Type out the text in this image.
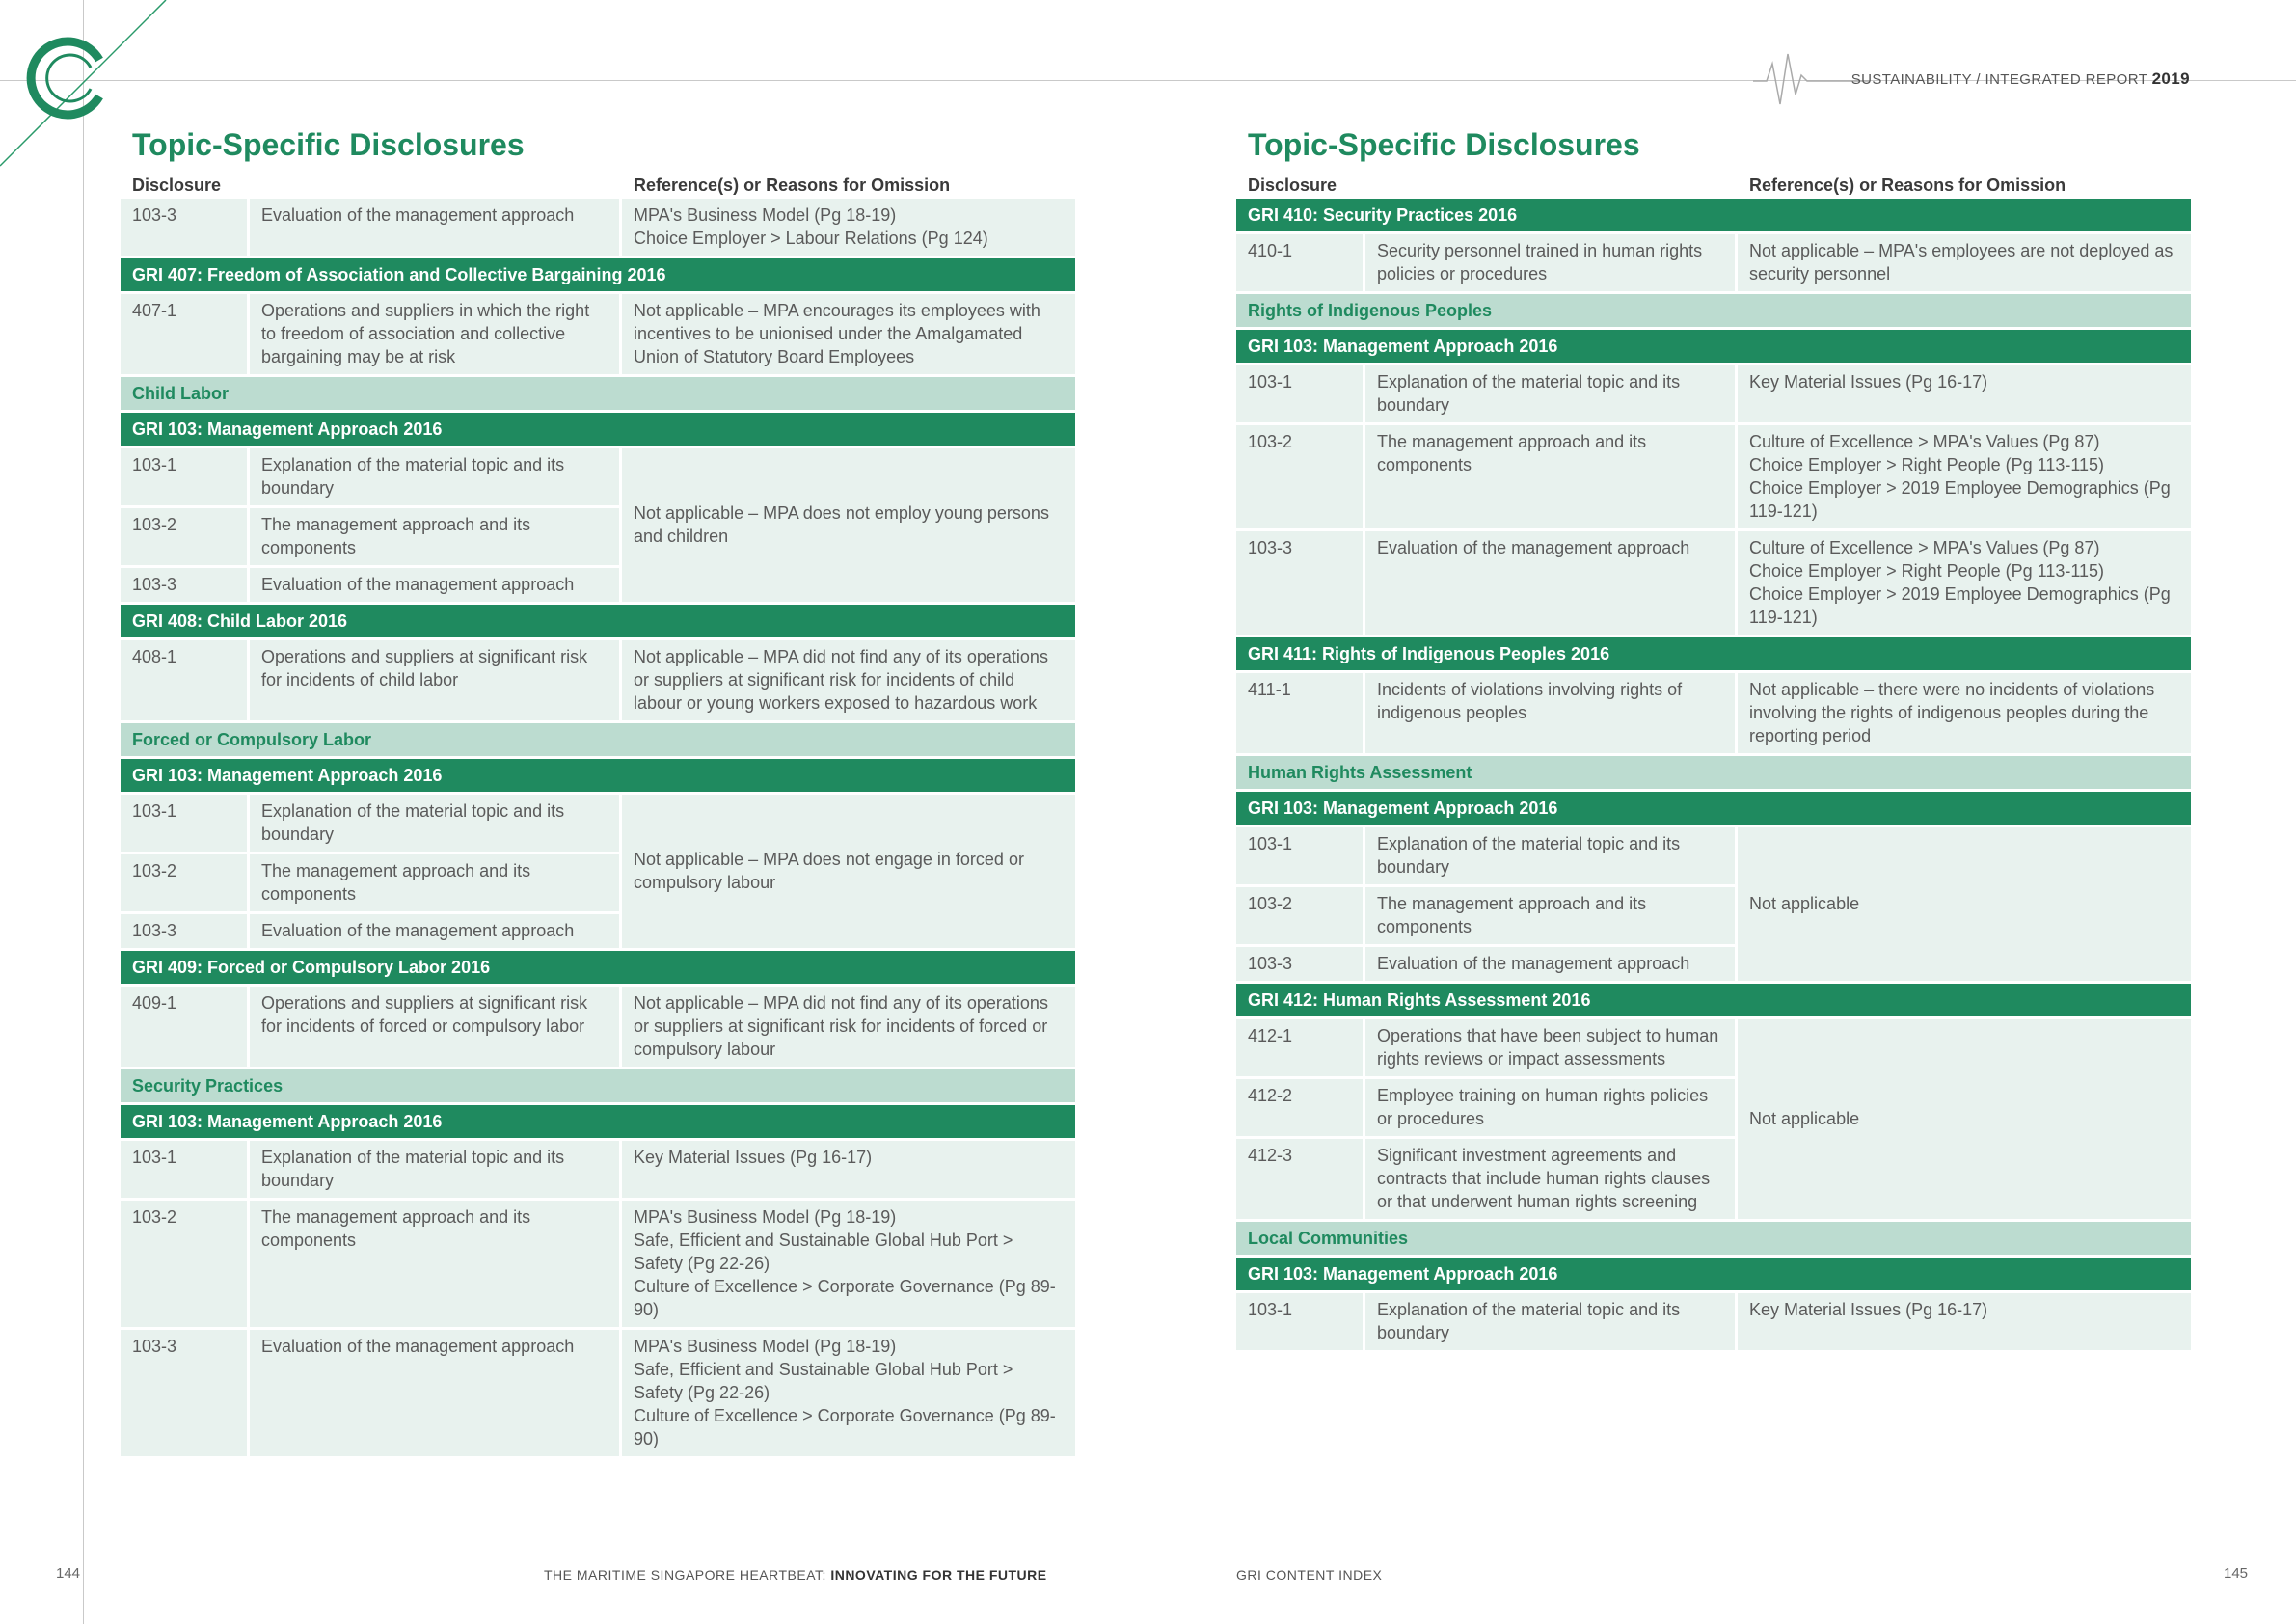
SUSTAINABILITY / INTEGRATED REPORT 2019
Topic-Specific Disclosures
Disclosure		Reference(s) or Reasons for Omission
103-3	Evaluation of the management approach	MPA's Business Model (Pg 18-19)
Choice Employer > Labour Relations (Pg 124)

GRI 407: Freedom of Association and Collective Bargaining 2016		
407-1	Operations and suppliers in which the right to freedom of association and collective bargaining may be at risk	Not applicable – MPA encourages its employees with incentives to be unionised under the Amalgamated Union of Statutory Board Employees
Child Labor		
GRI 103: Management Approach 2016		
103-1	Explanation of the material topic and its boundary	Not applicable – MPA does not employ young persons and children
103-2	The management approach and its components	
103-3	Evaluation of the management approach	
GRI 408: Child Labor 2016		
408-1	Operations and suppliers at significant risk for incidents of child labor	Not applicable – MPA did not find any of its operations or suppliers at significant risk for incidents of child labour or young workers exposed to hazardous work
Forced or Compulsory Labor		
GRI 103: Management Approach 2016		
103-1	Explanation of the material topic and its boundary	Not applicable – MPA does not engage in forced or compulsory labour
103-2	The management approach and its components	
103-3	Evaluation of the management approach	
GRI 409: Forced or Compulsory Labor 2016		
409-1	Operations and suppliers at significant risk for incidents of forced or compulsory labor	Not applicable – MPA did not find any of its operations or suppliers at significant risk for incidents of forced or compulsory labour
Security Practices		
GRI 103: Management Approach 2016		
103-1	Explanation of the material topic and its boundary	Key Material Issues (Pg 16-17)
103-2	The management approach and its components	MPA's Business Model (Pg 18-19)
Safe, Efficient and Sustainable Global Hub Port > Safety (Pg 22-26)
Culture of Excellence > Corporate Governance (Pg 89-90)

103-3	Evaluation of the management approach	MPA's Business Model (Pg 18-19)
Safe, Efficient and Sustainable Global Hub Port > Safety (Pg 22-26)
Culture of Excellence > Corporate Governance (Pg 89-90)
Topic-Specific Disclosures
Disclosure		Reference(s) or Reasons for Omission
GRI 410: Security Practices 2016		
410-1	Security personnel trained in human rights policies or procedures	Not applicable – MPA's employees are not deployed as security personnel
Rights of Indigenous Peoples		
GRI 103: Management Approach 2016		
103-1	Explanation of the material topic and its boundary	Key Material Issues (Pg 16-17)
103-2	The management approach and its components	Culture of Excellence > MPA's Values (Pg 87)
Choice Employer > Right People (Pg 113-115)
Choice Employer > 2019 Employee Demographics (Pg 119-121)

103-3	Evaluation of the management approach	Culture of Excellence > MPA's Values (Pg 87)
Choice Employer > Right People (Pg 113-115)
Choice Employer > 2019 Employee Demographics (Pg 119-121)

GRI 411: Rights of Indigenous Peoples 2016		
411-1	Incidents of violations involving rights of indigenous peoples	Not applicable – there were no incidents of violations involving the rights of indigenous peoples during the reporting period
Human Rights Assessment		
GRI 103: Management Approach 2016		
103-1	Explanation of the material topic and its boundary	Not applicable
103-2	The management approach and its components	
103-3	Evaluation of the management approach	
GRI 412: Human Rights Assessment 2016		
412-1	Operations that have been subject to human rights reviews or impact assessments	Not applicable
412-2	Employee training on human rights policies or procedures	
412-3	Significant investment agreements and contracts that include human rights clauses or that underwent human rights screening	
Local Communities		
GRI 103: Management Approach 2016		
103-1	Explanation of the material topic and its boundary	Key Material Issues (Pg 16-17)
144	THE MARITIME SINGAPORE HEARTBEAT: INNOVATING FOR THE FUTURE	GRI CONTENT INDEX	145
